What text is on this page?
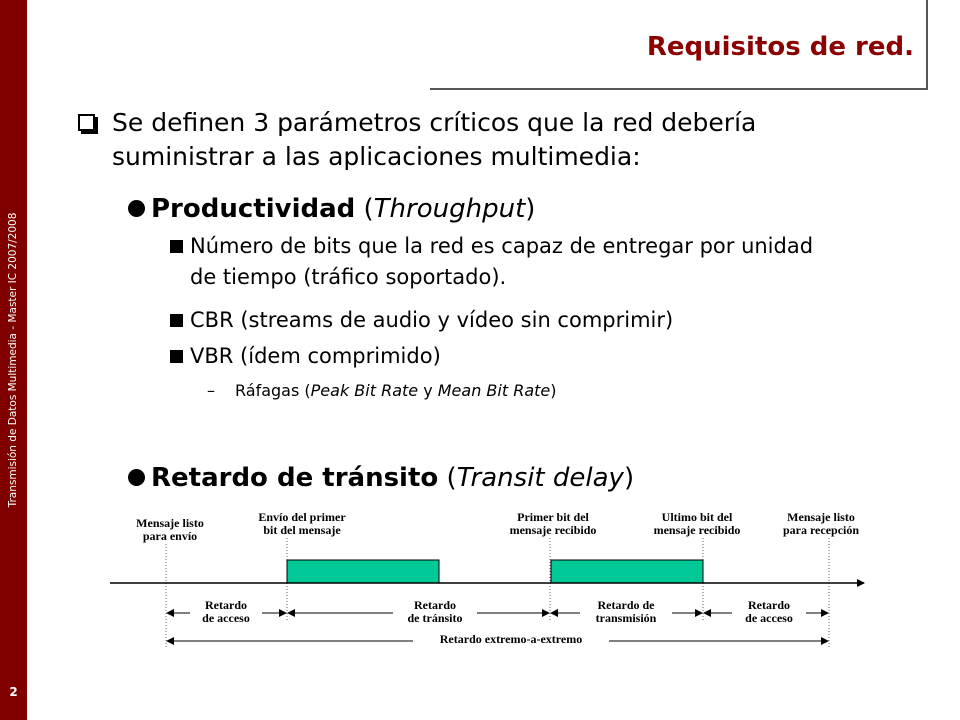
Transmisión de Datos Multimedia - Master IC 2007/2008
2
Requisitos de red.
Se definen 3 parámetros críticos que la red debería suministrar a las aplicaciones multimedia:
Productividad (Throughput)
Número de bits que la red es capaz de entregar por unidad
de tiempo (tráfico soportado).
CBR (streams de audio y vídeo sin comprimir)
VBR (ídem comprimido)
– Ráfagas (Peak Bit Rate y Mean Bit Rate)
Retardo de tránsito (Transit delay)
Mensaje listo
para envío
Envío del primer
bit del mensaje
Primer bit del
mensaje recibido
Ultimo bit del
mensaje recibido
Mensaje listo
para recepción
Retardo
de acceso
Retardo
de tránsito
Retardo de
transmisión
Retardo
de acceso
Retardo extremo-a-extremo
